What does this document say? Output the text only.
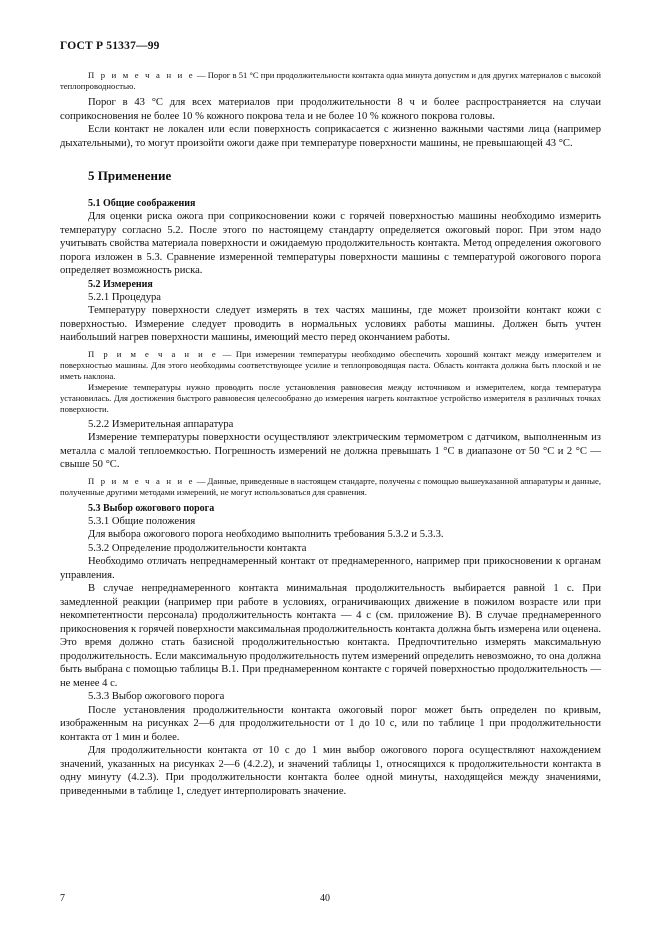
ГОСТ Р 51337—99

П р и м е ч а н и е — Порог в 51 °С при продолжительности контакта одна минута допустим и для других материалов с высокой теплопроводностью.

Порог в 43 °С для всех материалов при продолжительности 8 ч и более распространяется на случаи соприкосновения не более 10 % кожного покрова тела и не более 10 % кожного покрова головы.

Если контакт не локален или если поверхность соприкасается с жизненно важными частями лица (например дыхательными), то могут произойти ожоги даже при температуре поверхности машины, не превышающей 43 °С.

5 Применение

5.1 Общие соображения

Для оценки риска ожога при соприкосновении кожи с горячей поверхностью машины необходимо измерить температуру согласно 5.2. После этого по настоящему стандарту определяется ожоговый порог. При этом надо учитывать свойства материала поверхности и ожидаемую продолжительность контакта. Метод определения ожогового порога изложен в 5.3. Сравнение измеренной температуры поверхности машины с температурой ожогового порога определяет возможность риска.

5.2 Измерения

5.2.1 Процедура

Температуру поверхности следует измерять в тех частях машины, где может произойти контакт кожи с поверхностью. Измерение следует проводить в нормальных условиях работы машины. Должен быть учтен наибольший нагрев поверхности машины, имеющий место перед окончанием работы.

П р и м е ч а н и е — При измерении температуры необходимо обеспечить хороший контакт между измерителем и поверхностью машины. Для этого необходимы соответствующее усилие и теплопроводящая паста. Область контакта должна быть плоской и не иметь наклона.

Измерение температуры нужно проводить после установления равновесия между источником и измерителем, когда температура установилась. Для достижения быстрого равновесия целесообразно до измерения нагреть контактное устройство измерителя в различных точках поверхности.

5.2.2 Измерительная аппаратура

Измерение температуры поверхности осуществляют электрическим термометром с датчиком, выполненным из металла с малой теплоемкостью. Погрешность измерений не должна превышать 1 °С в диапазоне от 50 °С и 2 °С — свыше 50 °С.

П р и м е ч а н и е — Данные, приведенные в настоящем стандарте, получены с помощью вышеуказанной аппаратуры и данные, полученные другими методами измерений, не могут использоваться для сравнения.

5.3 Выбор ожогового порога

5.3.1 Общие положения

Для выбора ожогового порога необходимо выполнить требования 5.3.2 и 5.3.3.

5.3.2 Определение продолжительности контакта

Необходимо отличать непреднамеренный контакт от преднамеренного, например при прикосновении к органам управления.

В случае непреднамеренного контакта минимальная продолжительность выбирается равной 1 с. При замедленной реакции (например при работе в условиях, ограничивающих движение в пожилом возрасте или при некомпетентности персонала) продолжительность контакта — 4 с (см. приложение В). В случае преднамеренного прикосновения к горячей поверхности максимальная продолжительность контакта должна быть измерена или оценена. Это время должно стать базисной продолжительностью контакта. Предпочтительно измерять максимальную продолжительность. Если максимальную продолжительность путем измерений определить невозможно, то она должна быть выбрана с помощью таблицы В.1. При преднамеренном контакте с горячей поверхностью продолжительность — не менее 4 с.

5.3.3 Выбор ожогового порога

После установления продолжительности контакта ожоговый порог может быть определен по кривым, изображенным на рисунках 2—6 для продолжительности от 1 до 10 с, или по таблице 1 при продолжительности контакта от 1 мин и более.

Для продолжительности контакта от 10 с до 1 мин выбор ожогового порога осуществляют нахождением значений, указанных на рисунках 2—6 (4.2.2), и значений таблицы 1, относящихся к продолжительности контакта в одну минуту (4.2.3). При продолжительности контакта более одной минуты, находящейся между значениями, приведенными в таблице 1, следует интерполировать значение.

7	40
